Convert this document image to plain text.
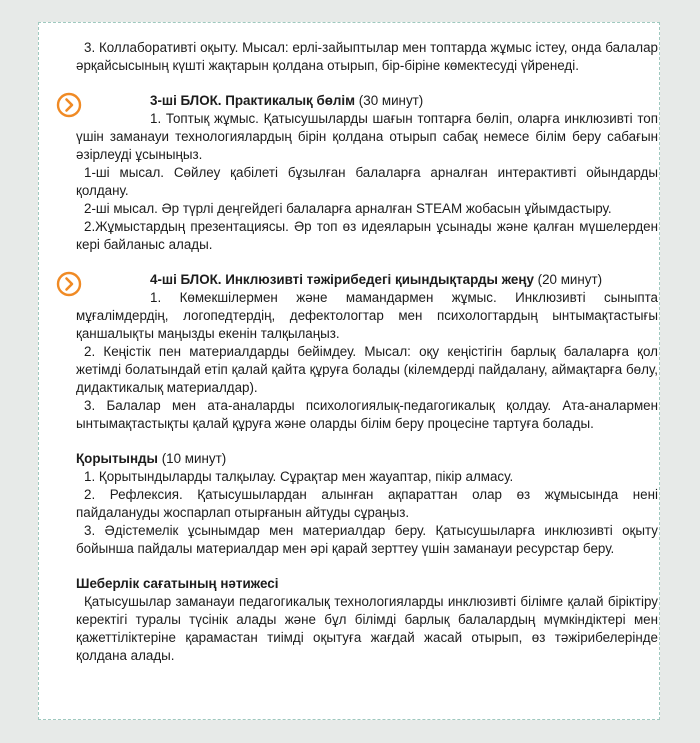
3. Коллаборативті оқыту. Мысал: ерлі-зайыптылар мен топтарда жұмыс істеу, онда балалар әрқайсысының күшті жақтарын қолдана отырып, бір-біріне көмектесуді үйренеді.

3-ші БЛОК. Практикалық бөлім (30 минут)

1. Топтық жұмыс. Қатысушыларды шағын топтарға бөліп, оларға инклюзивті топ үшін заманауи технологиялардың бірін қолдана отырып сабақ немесе білім беру сабағын әзірлеуді ұсыныңыз.

1-ші мысал. Сөйлеу қабілеті бұзылған балаларға арналған интерактивті ойындарды қолдану.

2-ші мысал. Әр түрлі деңгейдегі балаларға арналған STEAM жобасын ұйымдастыру.

2.Жұмыстардың презентациясы. Әр топ өз идеяларын ұсынады және қалған мүшелерден кері байланыс алады.

4-ші БЛОК. Инклюзивті тәжірибедегі қиындықтарды жеңу (20 минут)

1. Көмекшілермен және мамандармен жұмыс. Инклюзивті сыныпта мұғалімдердің, логопедтердің, дефектологтар мен психологтардың ынтымақтастығы қаншалықты маңызды екенін талқылаңыз.

2. Кеңістік пен материалдарды бейімдеу. Мысал: оқу кеңістігін барлық балаларға қол жетімді болатындай етіп қалай қайта құруға болады (кілемдерді пайдалану, аймақтарға бөлу, дидактикалық материалдар).

3. Балалар мен ата-аналарды психологиялық-педагогикалық қолдау. Ата-аналармен ынтымақтастықты қалай құруға және оларды білім беру процесіне тартуға болады.

Қорытынды (10 минут)

1. Қорытындыларды талқылау. Сұрақтар мен жауаптар, пікір алмасу.

2. Рефлексия. Қатысушылардан алынған ақпараттан олар өз жұмысында нені пайдалануды жоспарлап отырғанын айтуды сұраңыз.

3. Әдістемелік ұсынымдар мен материалдар беру. Қатысушыларға инклюзивті оқыту бойынша пайдалы материалдар мен әрі қарай зерттеу үшін заманауи ресурстар беру.

Шеберлік сағатының нәтижесі

Қатысушылар заманауи педагогикалық технологияларды инклюзивті білімге қалай біріктіру керектігі туралы түсінік алады және бұл білімді барлық балалардың мүмкіндіктері мен қажеттіліктеріне қарамастан тиімді оқытуға жағдай жасай отырып, өз тәжірибелерінде қолдана алады.
